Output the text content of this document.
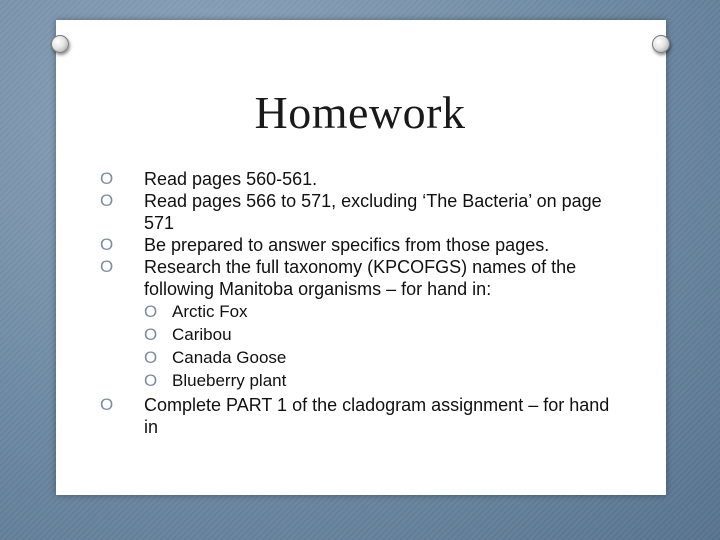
Homework
O Read pages 560-561.
O Read pages 566 to 571, excluding ‘The Bacteria’ on page 571
O Be prepared to answer specifics from those pages.
O Research the full taxonomy (KPCOFGS) names of the following Manitoba organisms – for hand in:
O Arctic Fox
O Caribou
O Canada Goose
O Blueberry plant
O Complete PART 1 of the cladogram assignment – for hand in
